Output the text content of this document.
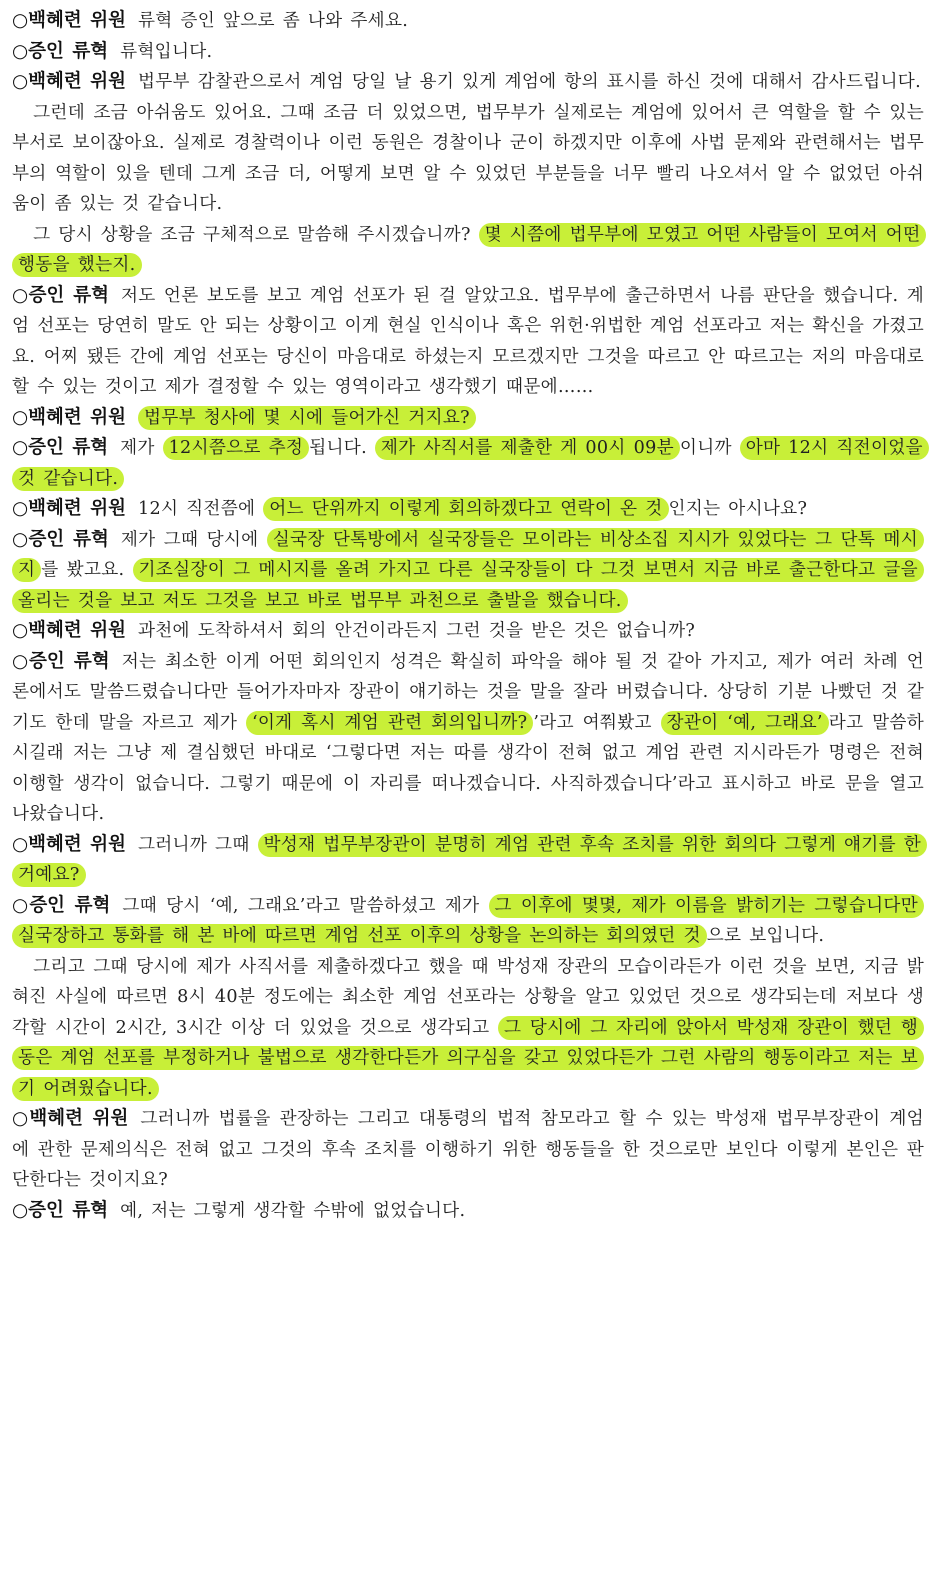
○백혜련 위원 류혁 증인 앞으로 좀 나와 주세요.

○증인 류혁 류혁입니다.

○백혜련 위원 법무부 감찰관으로서 계엄 당일 날 용기 있게 계엄에 항의 표시를 하신 것에 대해서 감사드립니다.

그런데 조금 아쉬움도 있어요. 그때 조금 더 있었으면, 법무부가 실제로는 계엄에 있어서 큰 역할을 할 수 있는 부서로 보이잖아요. 실제로 경찰력이나 이런 동원은 경찰이나 군이 하겠지만 이후에 사법 문제와 관련해서는 법무부의 역할이 있을 텐데 그게 조금 더, 어떻게 보면 알 수 있었던 부분들을 너무 빨리 나오셔서 알 수 없었던 아쉬움이 좀 있는 것 같습니다.

그 당시 상황을 조금 구체적으로 말씀해 주시겠습니까? 몇 시쯤에 법무부에 모였고 어떤 사람들이 모여서 어떤 행동을 했는지.

○증인 류혁 저도 언론 보도를 보고 계엄 선포가 된 걸 알았고요. 법무부에 출근하면서 나름 판단을 했습니다. 계엄 선포는 당연히 말도 안 되는 상황이고 이게 현실 인식이나 혹은 위헌·위법한 계엄 선포라고 저는 확신을 가졌고요. 어찌 됐든 간에 계엄 선포는 당신이 마음대로 하셨는지 모르겠지만 그것을 따르고 안 따르고는 저의 마음대로 할 수 있는 것이고 제가 결정할 수 있는 영역이라고 생각했기 때문에……

○백혜련 위원 법무부 청사에 몇 시에 들어가신 거지요?

○증인 류혁 제가 12시쯤으로 추정 됩니다. 제가 사직서를 제출한 게 00시 09분 이니까 아마 12시 직전이었을 것 같습니다.

○백혜련 위원 12시 직전쯤에 어느 단위까지 이렇게 회의하겠다고 연락이 온 것 인지는 아시나요?

○증인 류혁 제가 그때 당시에 실국장 단톡방에서 실국장들은 모이라는 비상소집 지시가 있었다는 그 단톡 메시지 를 봤고요. 기조실장이 그 메시지를 올려 가지고 다른 실국장들이 다 그것 보면서 지금 바로 출근한다고 글을 올리는 것을 보고 저도 그것을 보고 바로 법무부 과천으로 출발을 했습니다.

○백혜련 위원 과천에 도착하셔서 회의 안건이라든지 그런 것을 받은 것은 없습니까?

○증인 류혁 저는 최소한 이게 어떤 회의인지 성격은 확실히 파악을 해야 될 것 같아 가지고, 제가 여러 차례 언론에서도 말씀드렸습니다만 들어가자마자 장관이 얘기하는 것을 말을 잘라 버렸습니다. 상당히 기분 나빴던 것 같기도 한데 말을 자르고 제가 ‘이게 혹시 계엄 관련 회의입니까? ’라고 여쭤봤고 장관이 ‘예, 그래요’ 라고 말씀하시길래 저는 그냥 제 결심했던 바대로 ‘그렇다면 저는 따를 생각이 전혀 없고 계엄 관련 지시라든가 명령은 전혀 이행할 생각이 없습니다. 그렇기 때문에 이 자리를 떠나겠습니다. 사직하겠습니다’라고 표시하고 바로 문을 열고 나왔습니다.

○백혜련 위원 그러니까 그때 박성재 법무부장관이 분명히 계엄 관련 후속 조치를 위한 회의다 그렇게 얘기를 한 거예요?

○증인 류혁 그때 당시 ‘예, 그래요’라고 말씀하셨고 제가 그 이후에 몇몇, 제가 이름을 밝히기는 그렇습니다만 실국장하고 통화를 해 본 바에 따르면 계엄 선포 이후의 상황을 논의하는 회의였던 것 으로 보입니다.

그리고 그때 당시에 제가 사직서를 제출하겠다고 했을 때 박성재 장관의 모습이라든가 이런 것을 보면, 지금 밝혀진 사실에 따르면 8시 40분 정도에는 최소한 계엄 선포라는 상황을 알고 있었던 것으로 생각되는데 저보다 생각할 시간이 2시간, 3시간 이상 더 있었을 것으로 생각되고 그 당시에 그 자리에 앉아서 박성재 장관이 했던 행동은 계엄 선포를 부정하거나 불법으로 생각한다든가 의구심을 갖고 있었다든가 그런 사람의 행동이라고 저는 보기 어려웠습니다.

○백혜련 위원 그러니까 법률을 관장하는 그리고 대통령의 법적 참모라고 할 수 있는 박성재 법무부장관이 계엄에 관한 문제의식은 전혀 없고 그것의 후속 조치를 이행하기 위한 행동들을 한 것으로만 보인다 이렇게 본인은 판단한다는 것이지요?

○증인 류혁 예, 저는 그렇게 생각할 수밖에 없었습니다.
